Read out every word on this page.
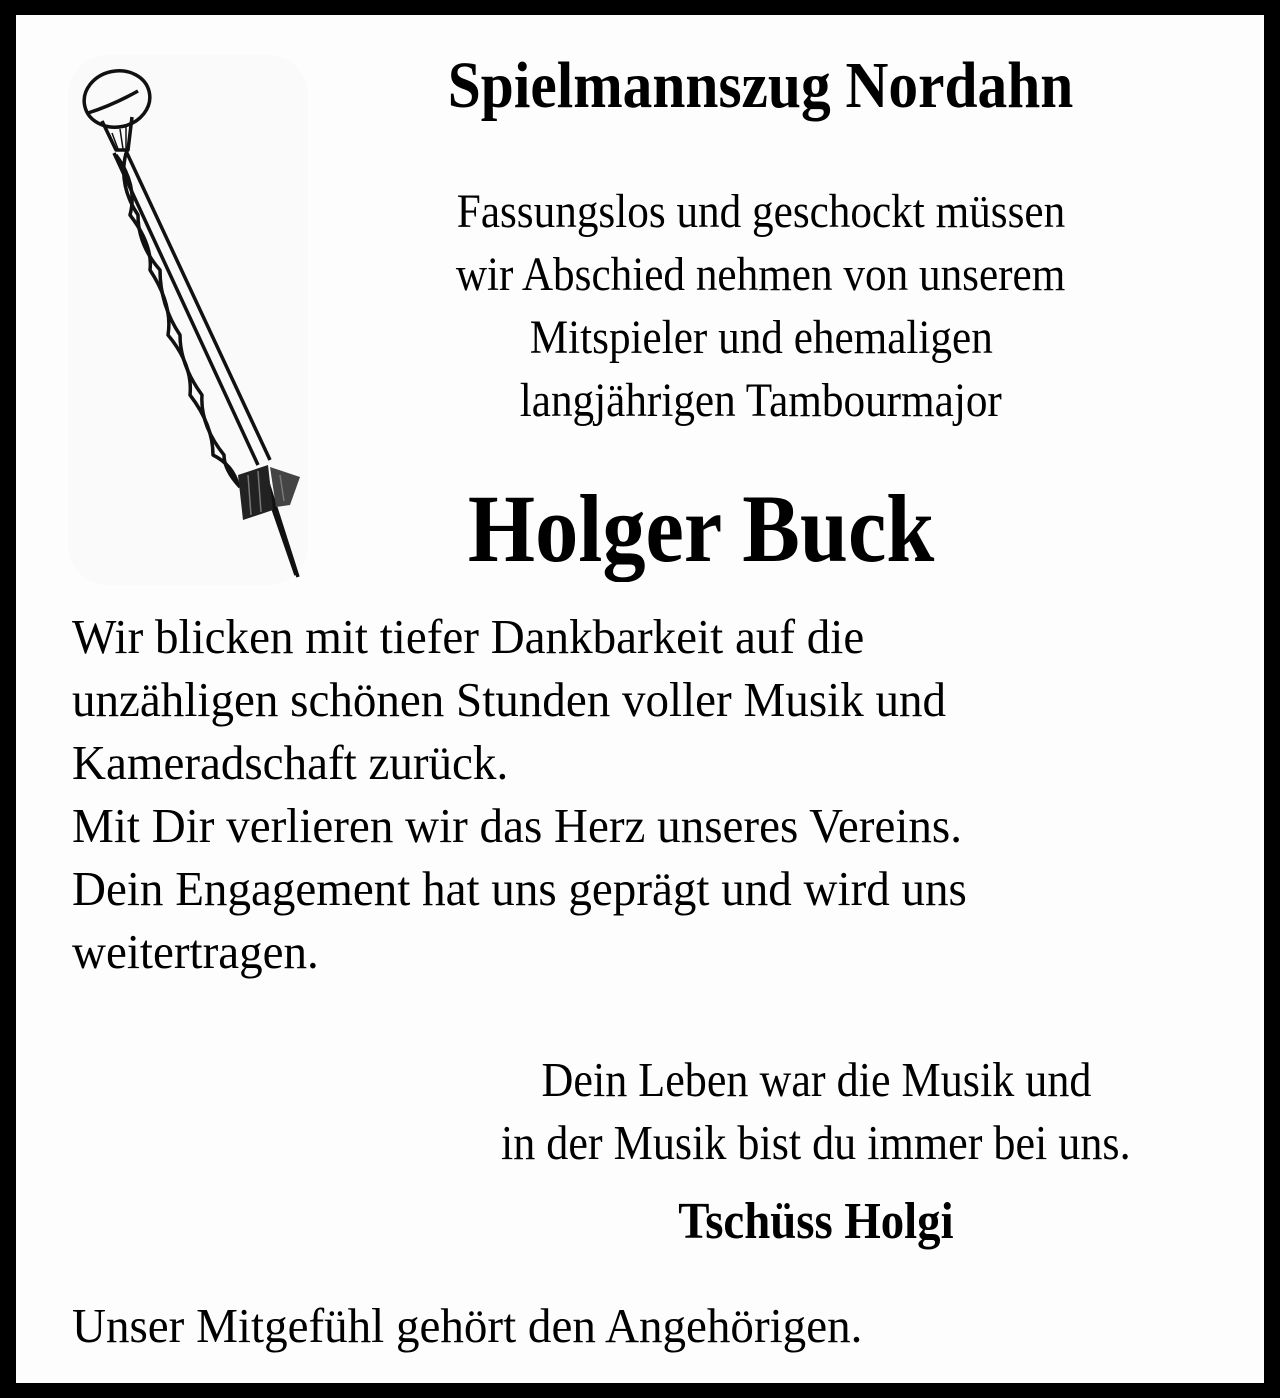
Spielmannszug Nordahn
Fassungslos und geschockt müssen
wir Abschied nehmen von unserem
Mitspieler und ehemaligen
langjährigen Tambourmajor
Holger Buck
Wir blicken mit tiefer Dankbarkeit auf die
unzähligen schönen Stunden voller Musik und
Kameradschaft zurück.
Mit Dir verlieren wir das Herz unseres Vereins.
Dein Engagement hat uns geprägt und wird uns
weitertragen.
Dein Leben war die Musik und
in der Musik bist du immer bei uns.
Tschüss Holgi
Unser Mitgefühl gehört den Angehörigen.
